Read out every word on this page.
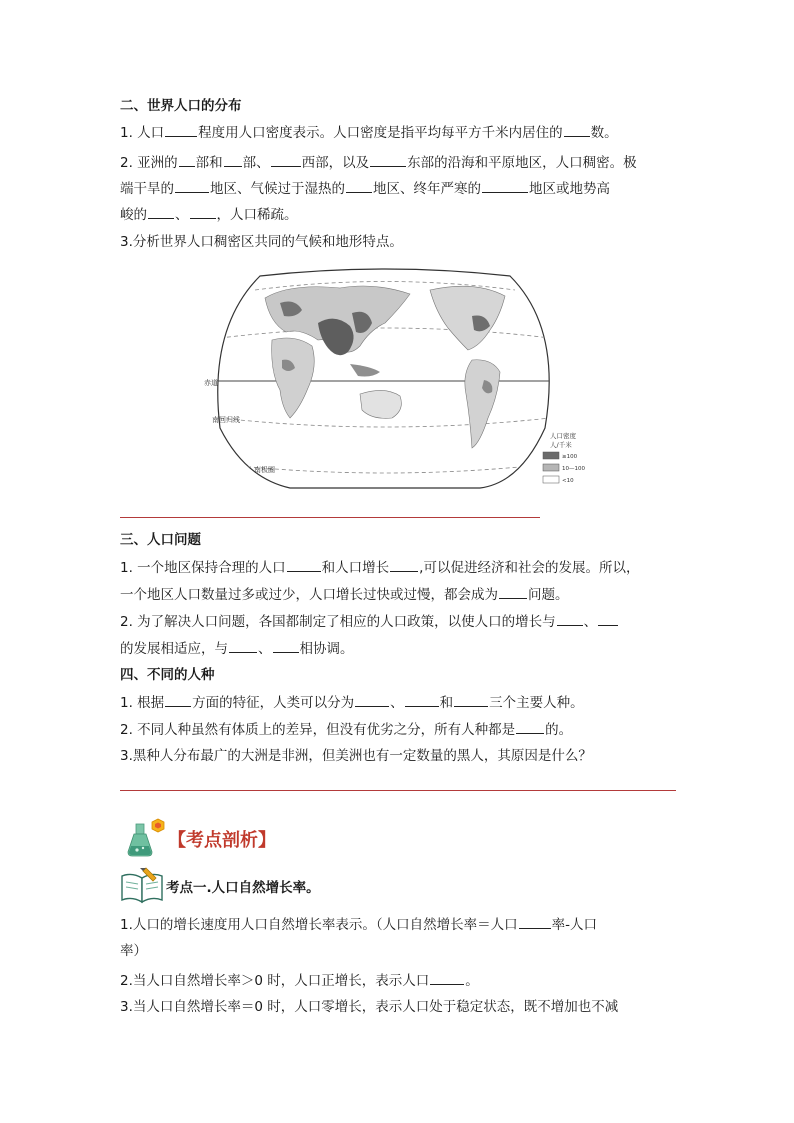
二、世界人口的分布
1. 人口	程度用人口密度表示。人口密度是指平均每平方千米内居住的 数。
2. 亚洲的 部和 部、 西部，以及	东部的沿海和平原地区，人口稠密。极
端干旱的	地区、气候过于湿热的 地区、终年严寒的	地区或地势高
峻的 、 ，人口稀疏。
3.分析世界人口稠密区共同的气候和地形特点。
赤道
南回归线
南极圈
人口密度
人/千米
≥100
10—100
<10
三、人口问题
1. 一个地区保持合理的人口	和人口增长 ,可以促进经济和社会的发展。所以，
一个地区人口数量过多或过少，人口增长过快或过慢，都会成为 问题。
2. 为了解决人口问题，各国都制定了相应的人口政策，以使人口的增长与 、
的发展相适应，与 、 相协调。
四、不同的人种
1. 根据 方面的特征，人类可以分为	、	和	三个主要人种。
2. 不同人种虽然有体质上的差异，但没有优劣之分，所有人种都是 的。
3.黑种人分布最广的大洲是非洲，但美洲也有一定数量的黑人，其原因是什么？
【考点剖析】
考点一.人口自然增长率。
1.人口的增长速度用人口自然增长率表示。（人口自然增长率＝人口	率-人口
率）
2.当人口自然增长率＞0 时，人口正增长，表示人口	。
3.当人口自然增长率＝0 时，人口零增长，表示人口处于稳定状态，既不增加也不减
